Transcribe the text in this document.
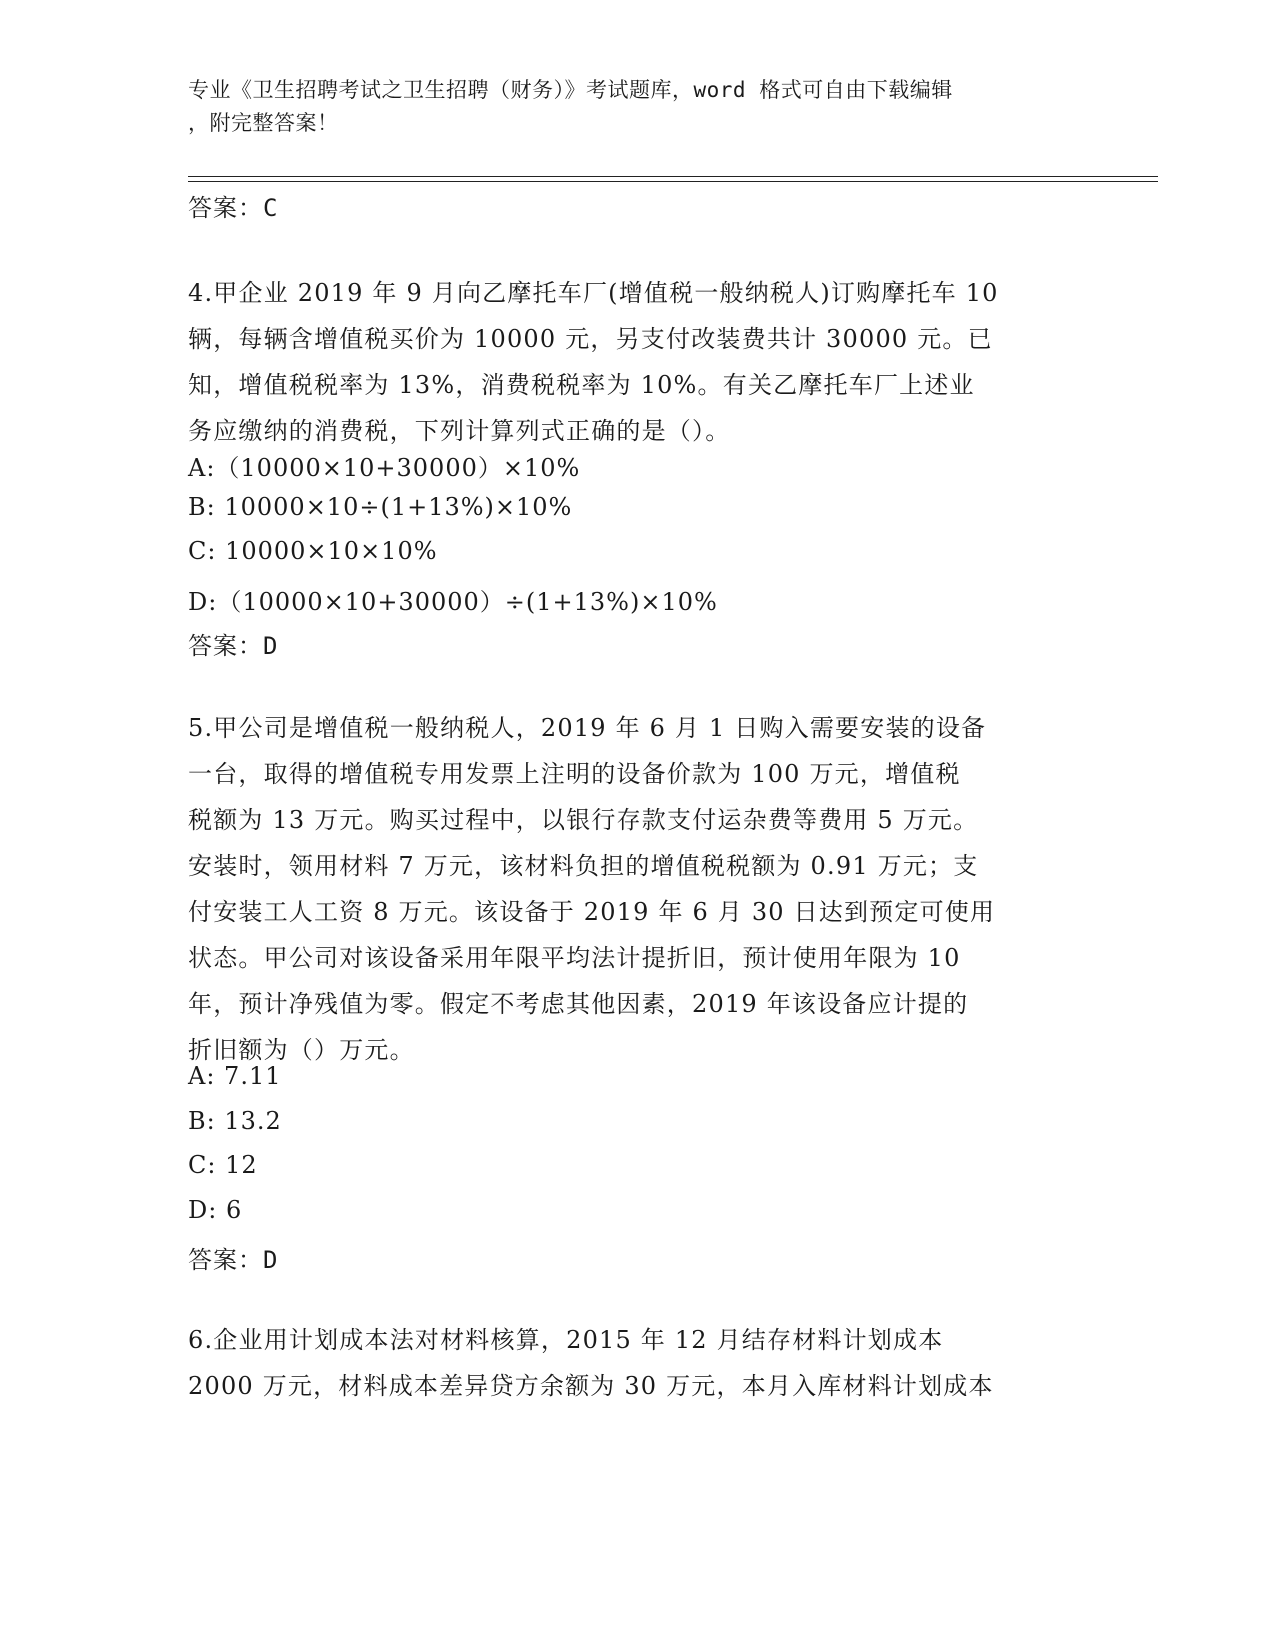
专业《卫生招聘考试之卫生招聘（财务）》考试题库，word 格式可自由下载编辑
，附完整答案！
答案：C
4.甲企业 2019 年 9 月向乙摩托车厂(增值税一般纳税人)订购摩托车 10
辆，每辆含增值税买价为 10000 元，另支付改装费共计 30000 元。已
知，增值税税率为 13%，消费税税率为 10%。有关乙摩托车厂上述业
务应缴纳的消费税，下列计算列式正确的是（）。
A:（10000×10+30000）×10%
B: 10000×10÷(1+13%)×10%
C: 10000×10×10%
D:（10000×10+30000）÷(1+13%)×10%
答案：D
5.甲公司是增值税一般纳税人，2019 年 6 月 1 日购入需要安装的设备
一台，取得的增值税专用发票上注明的设备价款为 100 万元，增值税
税额为 13 万元。购买过程中，以银行存款支付运杂费等费用 5 万元。
安装时，领用材料 7 万元，该材料负担的增值税税额为 0.91 万元；支
付安装工人工资 8 万元。该设备于 2019 年 6 月 30 日达到预定可使用
状态。甲公司对该设备采用年限平均法计提折旧，预计使用年限为 10
年，预计净残值为零。假定不考虑其他因素，2019 年该设备应计提的
折旧额为（）万元。
A: 7.11
B: 13.2
C: 12
D: 6
答案：D
6.企业用计划成本法对材料核算，2015 年 12 月结存材料计划成本
2000 万元，材料成本差异贷方余额为 30 万元，本月入库材料计划成本
